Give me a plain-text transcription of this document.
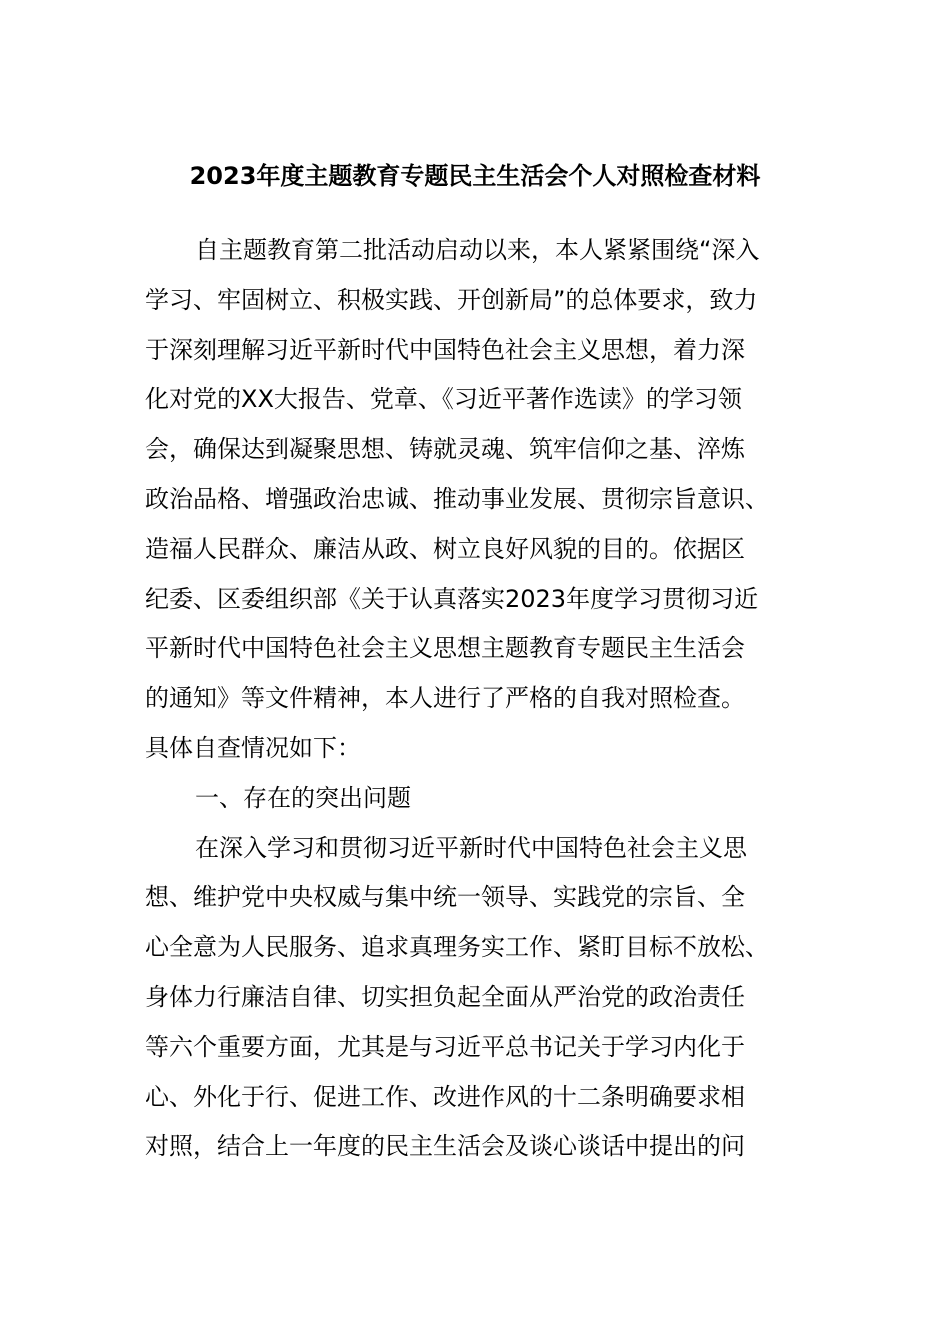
2023年度主题教育专题民主生活会个人对照检查材料
自主题教育第二批活动启动以来，本人紧紧围绕“深入
学习、牢固树立、积极实践、开创新局”的总体要求，致力
于深刻理解习近平新时代中国特色社会主义思想，着力深
化对党的XX大报告、党章、《习近平著作选读》的学习领
会，确保达到凝聚思想、铸就灵魂、筑牢信仰之基、淬炼
政治品格、增强政治忠诚、推动事业发展、贯彻宗旨意识、
造福人民群众、廉洁从政、树立良好风貌的目的。依据区
纪委、区委组织部《关于认真落实2023年度学习贯彻习近
平新时代中国特色社会主义思想主题教育专题民主生活会
的通知》等文件精神，本人进行了严格的自我对照检查。
具体自查情况如下：
一、存在的突出问题
在深入学习和贯彻习近平新时代中国特色社会主义思
想、维护党中央权威与集中统一领导、实践党的宗旨、全
心全意为人民服务、追求真理务实工作、紧盯目标不放松、
身体力行廉洁自律、切实担负起全面从严治党的政治责任
等六个重要方面，尤其是与习近平总书记关于学习内化于
心、外化于行、促进工作、改进作风的十二条明确要求相
对照，结合上一年度的民主生活会及谈心谈话中提出的问
